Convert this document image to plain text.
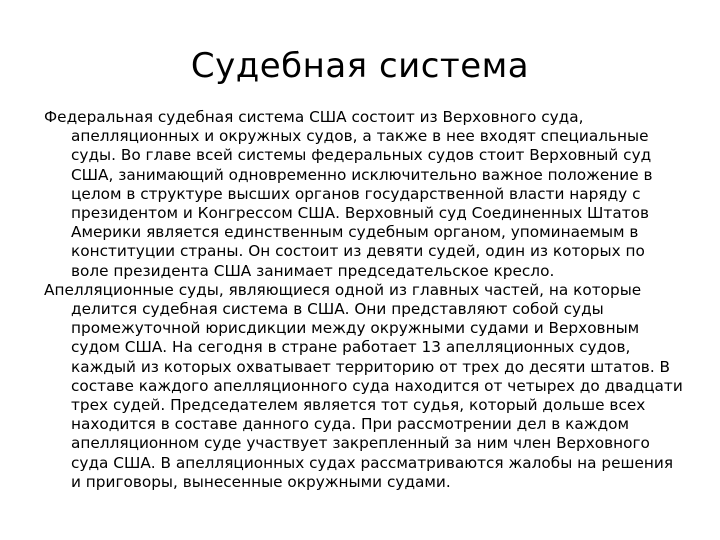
Судебная система

Федеральная судебная система США состоит из Верховного суда, апелляционных и окружных судов, а также в нее входят специальные суды. Во главе всей системы федеральных судов стоит Верховный суд США, занимающий одновременно исключительно важное положение в целом в структуре высших органов государственной власти наряду с президентом и Конгрессом США. Верховный суд Соединенных Штатов Америки является единственным судебным органом, упоминаемым в конституции страны. Он состоит из девяти судей, один из которых по воле президента США занимает председательское кресло.

Апелляционные суды, являющиеся одной из главных частей, на которые делится судебная система в США. Они представляют собой суды промежуточной юрисдикции между окружными судами и Верховным судом США. На сегодня в стране работает 13 апелляционных судов, каждый из которых охватывает территорию от трех до десяти штатов. В составе каждого апелляционного суда находится от четырех до двадцати трех судей. Председателем является тот судья, который дольше всех находится в составе данного суда. При рассмотрении дел в каждом апелляционном суде участвует закрепленный за ним член Верховного суда США. В апелляционных судах рассматриваются жалобы на решения и приговоры, вынесенные окружными судами.
